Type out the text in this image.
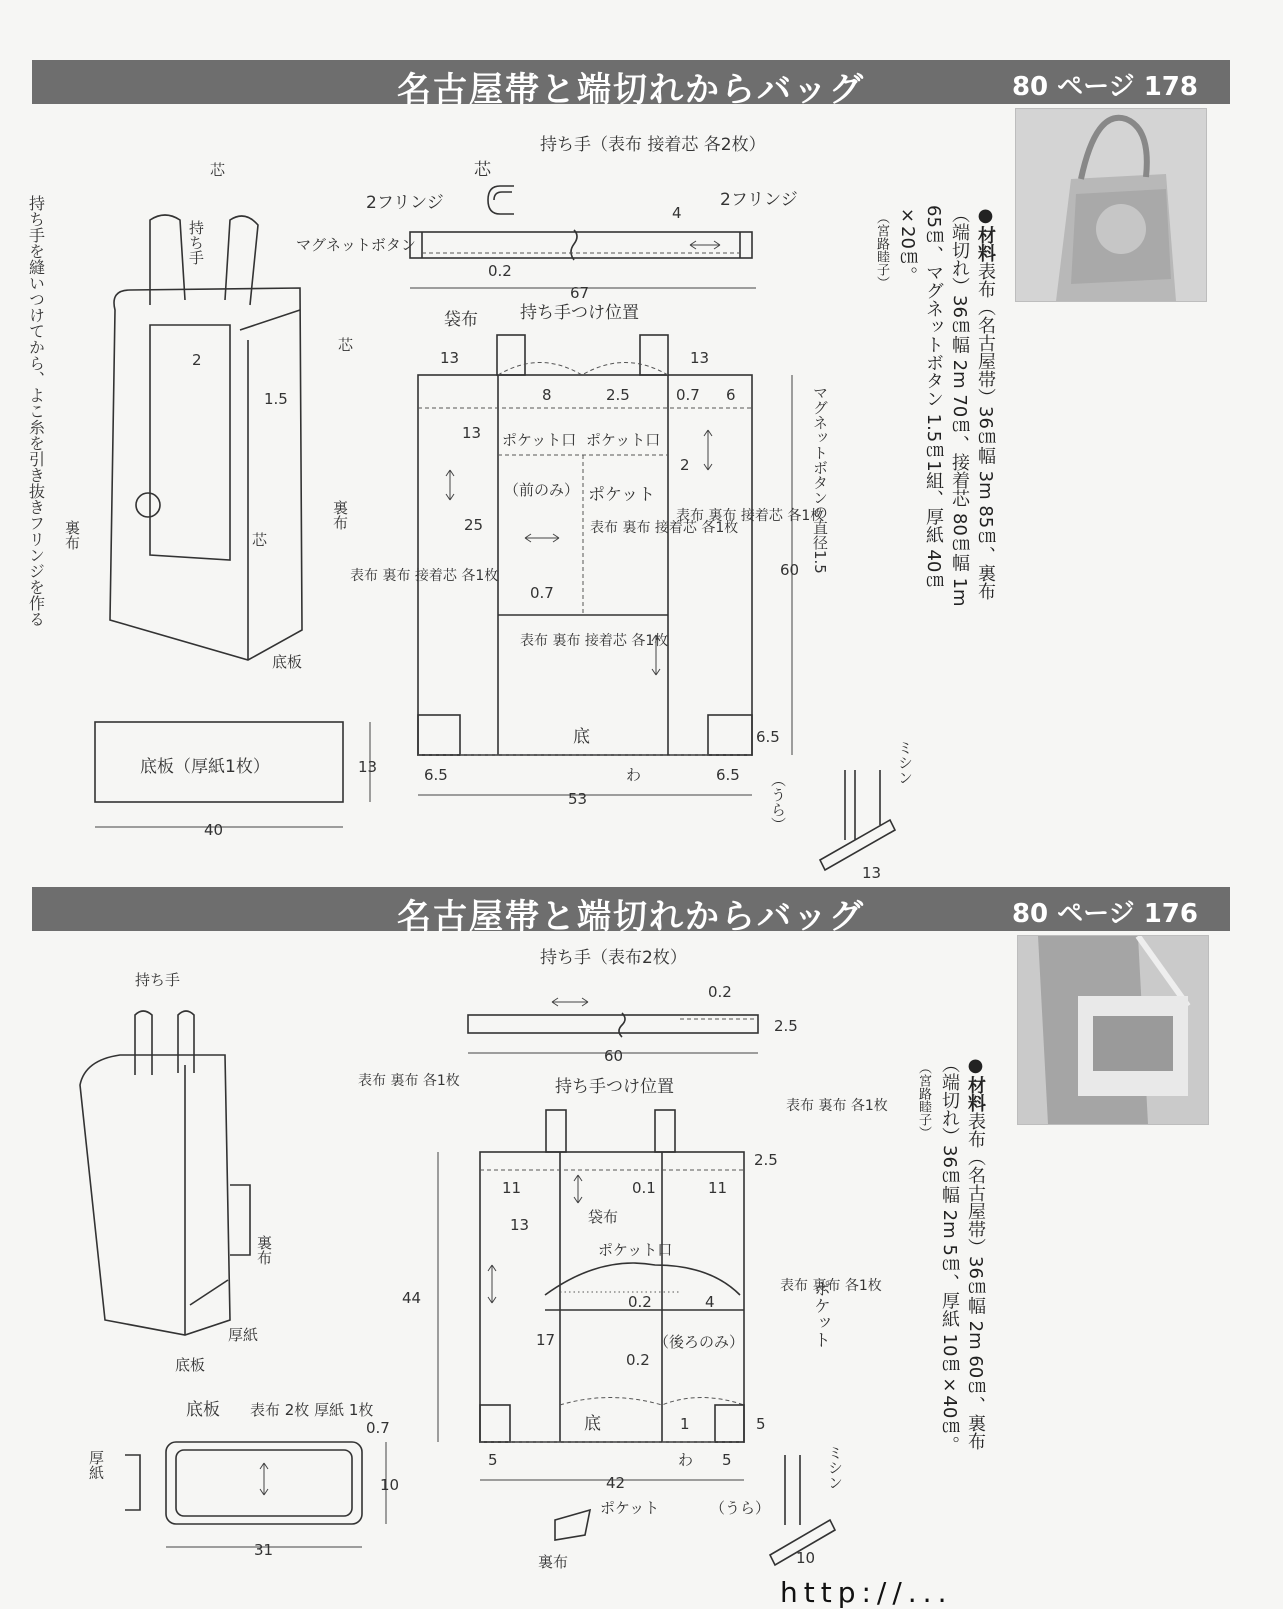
名古屋帯と端切れからバッグ	80 ページ 178
●材料表布（名古屋帯）36㎝幅 3m 85㎝、裏布（端切れ）36㎝幅 2m 70㎝、接着芯 80㎝幅 1m 65㎝、マグネットボタン 1.5㎝1組、厚紙 40㎝×20㎝。
（宮路睦子）
持ち手（表布 接着芯 各2枚）
芯
2フリンジ	2フリンジ
4
0.2
67
袋布 持ち手つけ位置
13	13
8	2.5	0.7 6
13 ポケット口 ポケット口
2
（前のみ） ポケット
25	表布 裏布 接着芯 各1枚
0.7
表布 裏布 接着芯 各1枚
表布 裏布 接着芯 各1枚
表布 裏布 接着芯 各1枚
底
わ
6.5	6.5
6.5
53
60 マグネットボタンの直径1.5
底板（厚紙1枚）	13
40
ミシン
（うら）
13
芯
持ち手	マグネットボタン
2
1.5
裏布
芯
芯
底板
裏布
持ち手を縫いつけてから、よこ糸を引き抜きフリンジを作る
名古屋帯と端切れからバッグ	80 ページ 176
●材料表布（名古屋帯）36㎝幅 2m 60㎝、裏布（端切れ）36㎝幅 2m 5㎝、厚紙 10㎝×40㎝。
（宮路睦子）
持ち手（表布2枚）
0.2
2.5
60
持ち手つけ位置
11	0.1	11
2.5
13	袋布
ポケット口
0.2	4
44
17	（後ろのみ）
0.2
ポケット
表布 裏布 各1枚
表布 裏布 各1枚
表布 裏布 各1枚
底	1
わ
5	5
5
42
底板 表布 2枚 厚紙 1枚
0.7
10
31
厚紙
ポケット
裏布
（うら）
ミシン
10
持ち手
裏布
厚紙
底板
http://...
